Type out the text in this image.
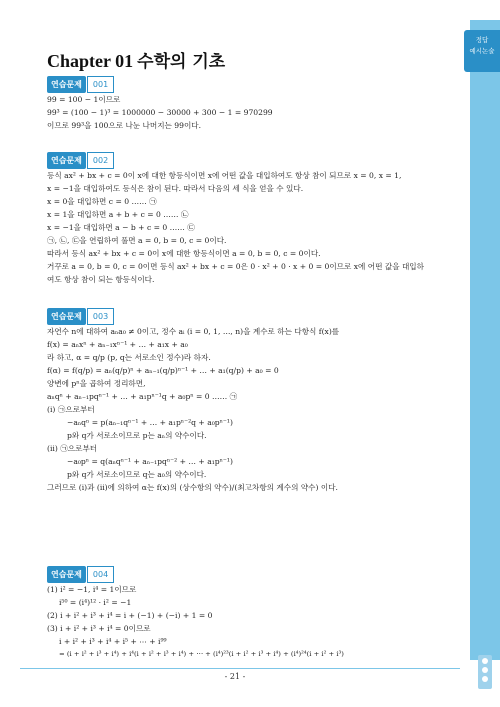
정답
예시논술
Chapter 01 수학의 기초
연습문제 001
99 = 100 − 1이므로
99³ = (100 − 1)³ = 1000000 − 30000 + 300 − 1 = 970299
이므로 99³을 100으로 나눈 나머지는 99이다.
연습문제 002
등식 ax² + bx + c = 0이 x에 대한 항등식이면 x에 어떤 값을 대입하여도 항상 참이 되므로 x = 0, x = 1,
x = −1을 대입하여도 등식은 참이 된다. 따라서 다음의 세 식을 얻을 수 있다.
x = 0을 대입하면 c = 0 …… ㉠
x = 1을 대입하면 a + b + c = 0 …… ㉡
x = −1을 대입하면 a − b + c = 0 …… ㉢
㉠, ㉡, ㉢을 연립하여 풀면 a = 0, b = 0, c = 0이다.
따라서 등식 ax² + bx + c = 0이 x에 대한 항등식이면 a = 0, b = 0, c = 0이다.
거꾸로 a = 0, b = 0, c = 0이면 등식 ax² + bx + c = 0은 0 · x² + 0 · x + 0 = 0이므로 x에 어떤 값을 대입하
여도 항상 참이 되는 항등식이다.
연습문제 003
자연수 n에 대하여 aₙa₀ ≠ 0이고, 정수 aᵢ (i = 0, 1, …, n)을 계수로 하는 다항식 f(x)를
f(x) = aₙxⁿ + aₙ₋₁xⁿ⁻¹ + … + a₁x + a₀
라 하고, α = q/p (p, q는 서로소인 정수)라 하자.
f(α) = f(q/p) = aₙ(q/p)ⁿ + aₙ₋₁(q/p)ⁿ⁻¹ + … + a₁(q/p) + a₀ = 0
양변에 pⁿ을 곱하여 정리하면,
aₙqⁿ + aₙ₋₁pqⁿ⁻¹ + … + a₁pⁿ⁻¹q + a₀pⁿ = 0 …… ㉠
(ⅰ) ㉠으로부터
−aₙqⁿ = p(aₙ₋₁qⁿ⁻¹ + … + a₁pⁿ⁻²q + a₀pⁿ⁻¹)
p와 q가 서로소이므로 p는 aₙ의 약수이다.
(ⅱ) ㉠으로부터
−a₀pⁿ = q(aₙqⁿ⁻¹ + aₙ₋₁pqⁿ⁻² + … + a₁pⁿ⁻¹)
p와 q가 서로소이므로 q는 a₀의 약수이다.
그러므로 (ⅰ)과 (ⅱ)에 의하여 α는 f(x)의 (상수항의 약수)/(최고차항의 계수의 약수) 이다.
연습문제 004
(1) i² = −1, i⁴ = 1이므로
i⁵⁰ = (i⁴)¹² · i² = −1
(2) i + i² + i³ + i⁴ = i + (−1) + (−i) + 1 = 0
(3) i + i² + i³ + i⁴ = 0이므로
i + i² + i³ + i⁴ + i⁵ + ⋯ + i⁹⁹
= (i + i² + i³ + i⁴) + i⁴(i + i² + i³ + i⁴) + ⋯ + (i⁴)²³(i + i² + i³ + i⁴) + (i⁴)²⁴(i + i² + i³)
- 21 -
